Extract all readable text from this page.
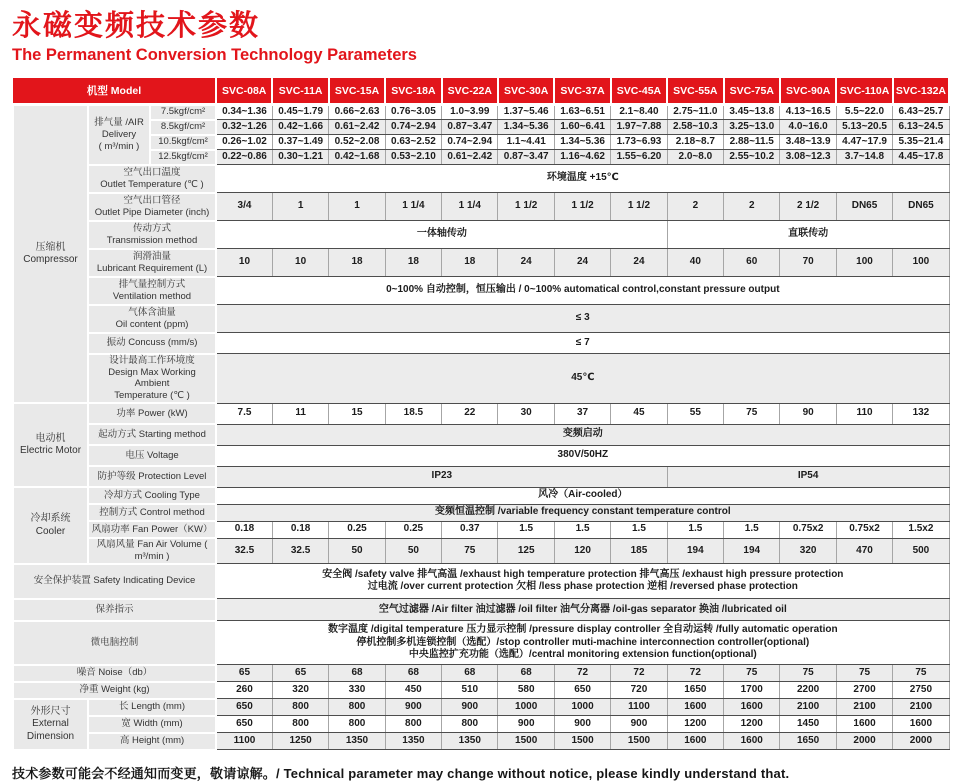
永磁变频技术参数
The Permanent Conversion Technology Parameters
机型 Model			SVC-08A	SVC-11A	SVC-15A	SVC-18A	SVC-22A	SVC-30A	SVC-37A	SVC-45A	SVC-55A	SVC-75A	SVC-90A	SVC-110A	SVC-132A
压缩机
Compressor	排气量 /AIR
Delivery
( m³/min )	7.5kgf/cm²	0.34~1.36	0.45~1.79	0.66~2.63	0.76~3.05	1.0~3.99	1.37~5.46	1.63~6.51	2.1~8.40	2.75~11.0	3.45~13.8	4.13~16.5	5.5~22.0	6.43~25.7
		8.5kgf/cm²	0.32~1.26	0.42~1.66	0.61~2.42	0.74~2.94	0.87~3.47	1.34~5.36	1.60~6.41	1.97~7.88	2.58~10.3	3.25~13.0	4.0~16.0	5.13~20.5	6.13~24.5
		10.5kgf/cm²	0.26~1.02	0.37~1.49	0.52~2.08	0.63~2.52	0.74~2.94	1.1~4.41	1.34~5.36	1.73~6.93	2.18~8.7	2.88~11.5	3.48~13.9	4.47~17.9	5.35~21.4
		12.5kgf/cm²	0.22~0.86	0.30~1.21	0.42~1.68	0.53~2.10	0.61~2.42	0.87~3.47	1.16~4.62	1.55~6.20	2.0~8.0	2.55~10.2	3.08~12.3	3.7~14.8	4.45~17.8
	空气出口温度
Outlet Temperature (℃ )		环境温度 +15℃												
	空气出口管径
Outlet Pipe Diameter (inch)		3/4	1	1	1 1/4	1 1/4	1 1/2	1 1/2	1 1/2	2	2	2 1/2	DN65	DN65
	传动方式
Transmission method		一体轴传动								直联传动				
	润滑油量
Lubricant Requirement (L)		10	10	18	18	18	24	24	24	40	60	70	100	100
	排气量控制方式
Ventilation method		0~100% 自动控制，恒压输出 / 0~100% automatical control,constant pressure output												
	气体含油量
Oil content (ppm)		≤ 3												
	振动 Concuss (mm/s)		≤ 7												
	设计最高工作环境度
Design Max Working Ambient
Temperature (℃ )		45℃												
电动机
Electric Motor	功率 Power (kW)		7.5	11	15	18.5	22	30	37	45	55	75	90	110	132
	起动方式 Starting method		变频启动												
	电压 Voltage		380V/50HZ												
	防护等级 Protection Level		IP23								IP54				
冷却系统
Cooler	冷却方式 Cooling Type		风冷（Air-cooled）												
	控制方式 Control method		变频恒温控制 /variable frequency constant temperature control												
	风扇功率 Fan Power（KW）		0.18	0.18	0.25	0.25	0.37	1.5	1.5	1.5	1.5	1.5	0.75x2	0.75x2	1.5x2
	风扇风量 Fan Air Volume ( m³/min )		32.5	32.5	50	50	75	125	120	185	194	194	320	470	500
安全保护装置 Safety Indicating Device			安全阀 /safety valve 排气高温 /exhaust high temperature protection 排气高压 /exhaust high pressure protection
过电流 /over current protection 欠相 /less phase protection 逆相 /reversed phase protection												
保养指示			空气过滤器 /Air filter 油过滤器 /oil filter 油气分离器 /oil-gas separator 换油 /lubricated oil												
微电脑控制			数字温度 /digital temperature 压力显示控制 /pressure display controller 全自动运转 /fully automatic operation
停机控制多机连锁控制（选配）/stop controller muti-machine interconnection controller(optional)
中央监控扩充功能（选配）/central monitoring extension function(optional)												
噪音 Noise（db）			65	65	68	68	68	68	72	72	72	75	75	75	75
净重 Weight (kg)			260	320	330	450	510	580	650	720	1650	1700	2200	2700	2750
外形尺寸
External
Dimension	长 Length (mm)		650	800	800	900	900	1000	1000	1100	1600	1600	2100	2100	2100
	宽 Width (mm)		650	800	800	800	800	900	900	900	1200	1200	1450	1600	1600
	高 Height (mm)		1100	1250	1350	1350	1350	1500	1500	1500	1600	1600	1650	2000	2000

技术参数可能会不经通知而变更，敬请谅解。/ Technical parameter may change without notice, please kindly understand that.
